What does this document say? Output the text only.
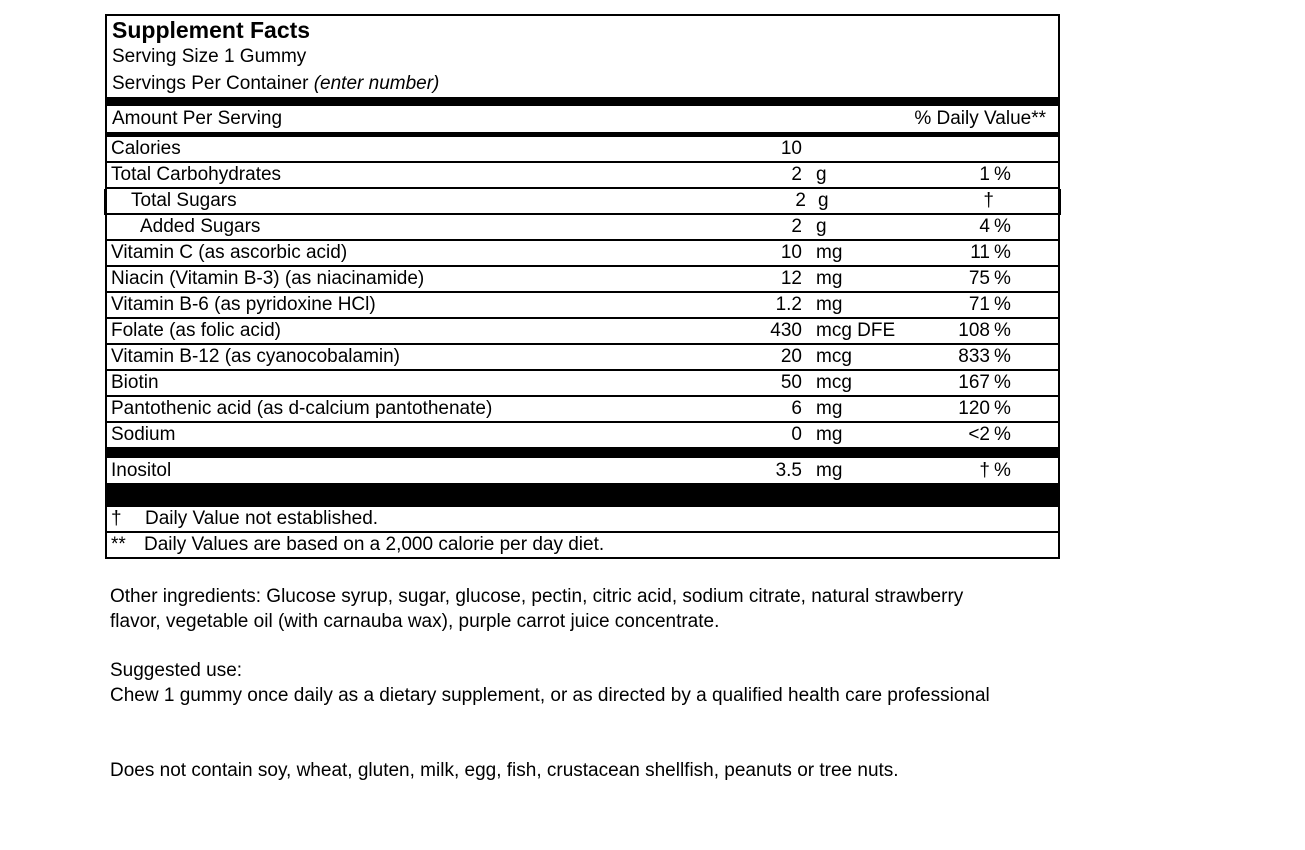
Supplement Facts
Serving Size 1 Gummy
Servings Per Container (enter number)
Amount Per Serving	% Daily Value**
Calories	10
Total Carbohydrates	2 g	1 %
Total Sugars	2 g	†
Added Sugars	2 g	4 %
Vitamin C (as ascorbic acid)	10 mg	11 %
Niacin (Vitamin B-3) (as niacinamide)	12 mg	75 %
Vitamin B-6 (as pyridoxine HCl)	1.2 mg	71 %
Folate (as folic acid)	430 mcg DFE	108 %
Vitamin B-12 (as cyanocobalamin)	20 mcg	833 %
Biotin	50 mcg	167 %
Pantothenic acid (as d-calcium pantothenate)	6 mg	120 %
Sodium	0 mg	<2 %
Inositol	3.5 mg	† %
† Daily Value not established.
** Daily Values are based on a 2,000 calorie per day diet.
Other ingredients: Glucose syrup, sugar, glucose, pectin, citric acid, sodium citrate, natural strawberry
flavor, vegetable oil (with carnauba wax), purple carrot juice concentrate.
Suggested use:
Chew 1 gummy once daily as a dietary supplement, or as directed by a qualified health care professional
Does not contain soy, wheat, gluten, milk, egg, fish, crustacean shellfish, peanuts or tree nuts.
